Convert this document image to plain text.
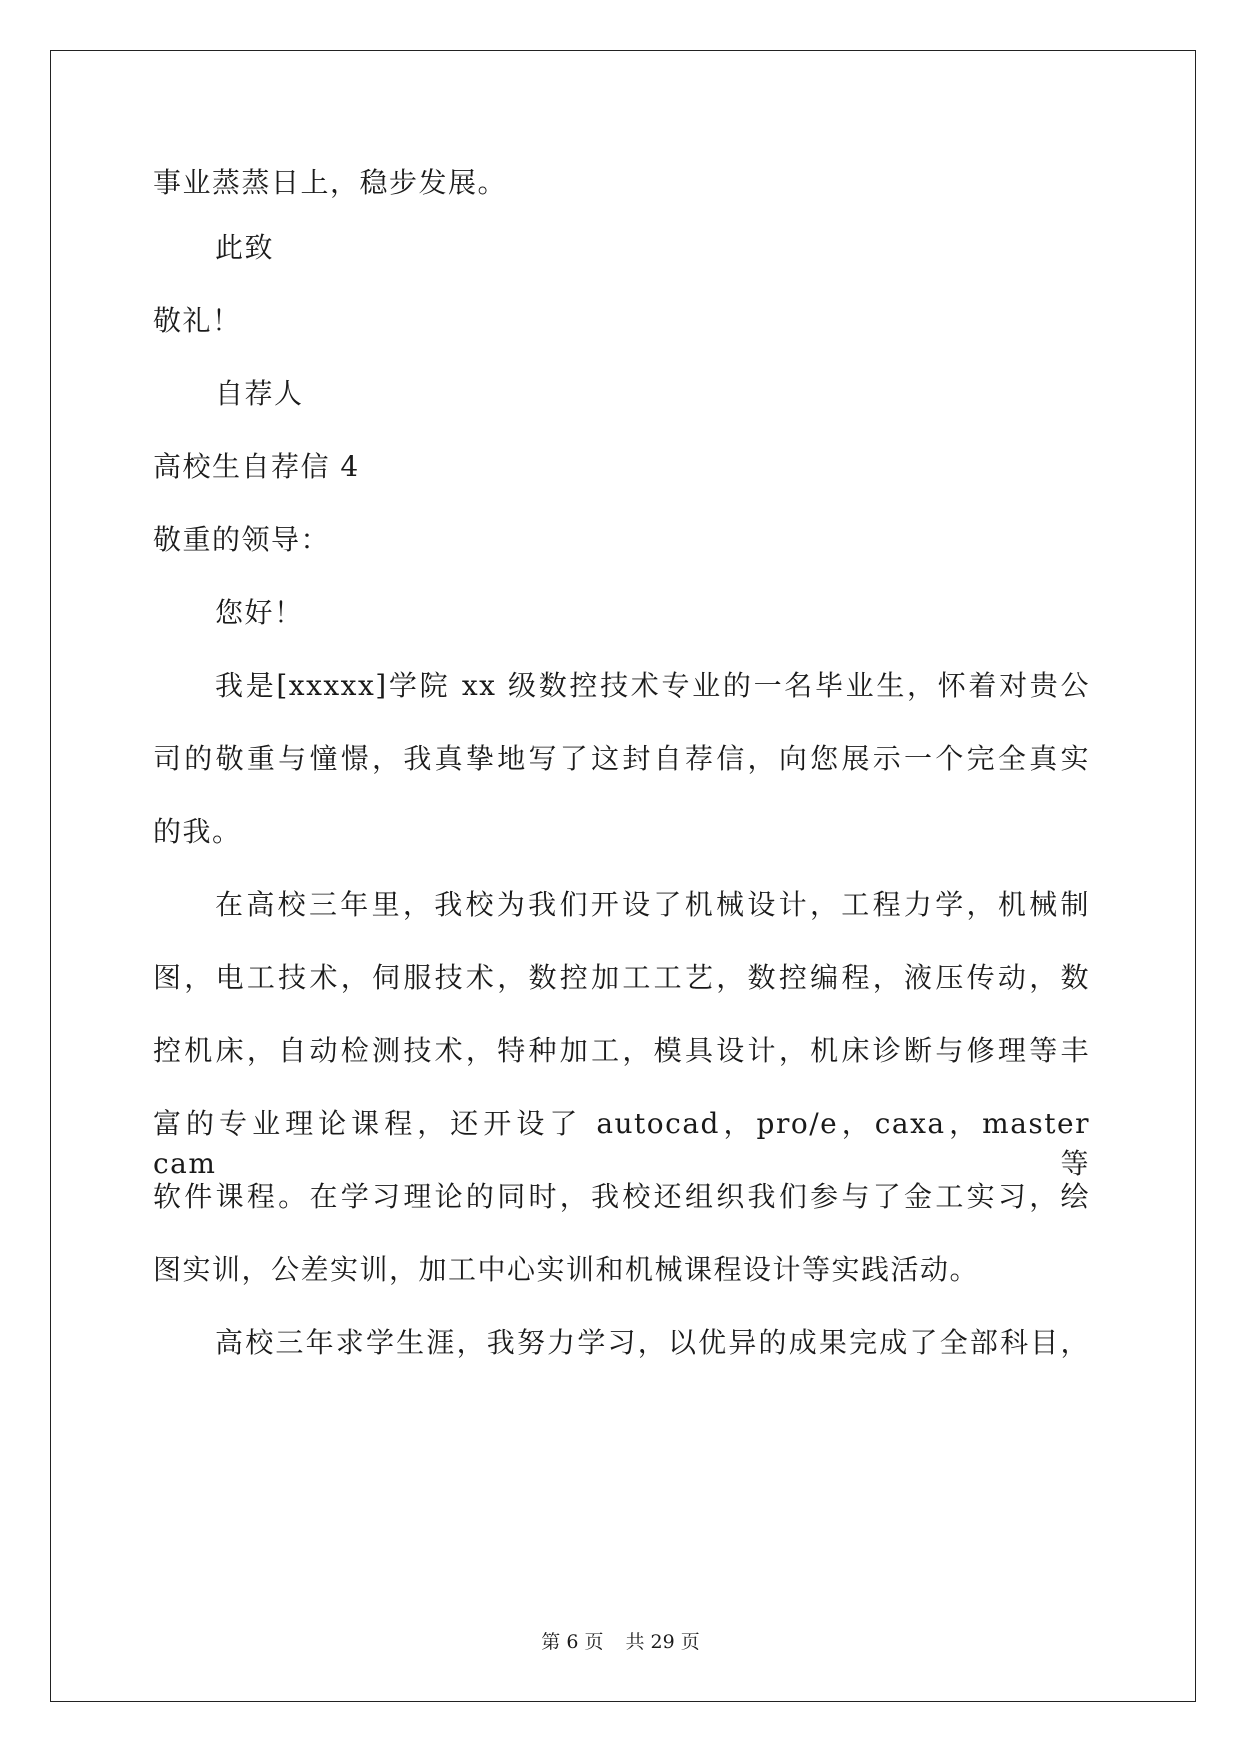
事业蒸蒸日上，稳步发展。
此致
敬礼！
自荐人
高校生自荐信 4
敬重的领导：
您好！
我是[xxxxx]学院 xx 级数控技术专业的一名毕业生，怀着对贵公
司的敬重与憧憬，我真挚地写了这封自荐信，向您展示一个完全真实
的我。
在高校三年里，我校为我们开设了机械设计，工程力学，机械制
图，电工技术，伺服技术，数控加工工艺，数控编程，液压传动，数
控机床，自动检测技术，特种加工，模具设计，机床诊断与修理等丰
富的专业理论课程，还开设了 autocad，pro/e，caxa，master cam 等
软件课程。在学习理论的同时，我校还组织我们参与了金工实习，绘
图实训，公差实训，加工中心实训和机械课程设计等实践活动。
高校三年求学生涯，我努力学习，以优异的成果完成了全部科目，
第 6 页 共 29 页
